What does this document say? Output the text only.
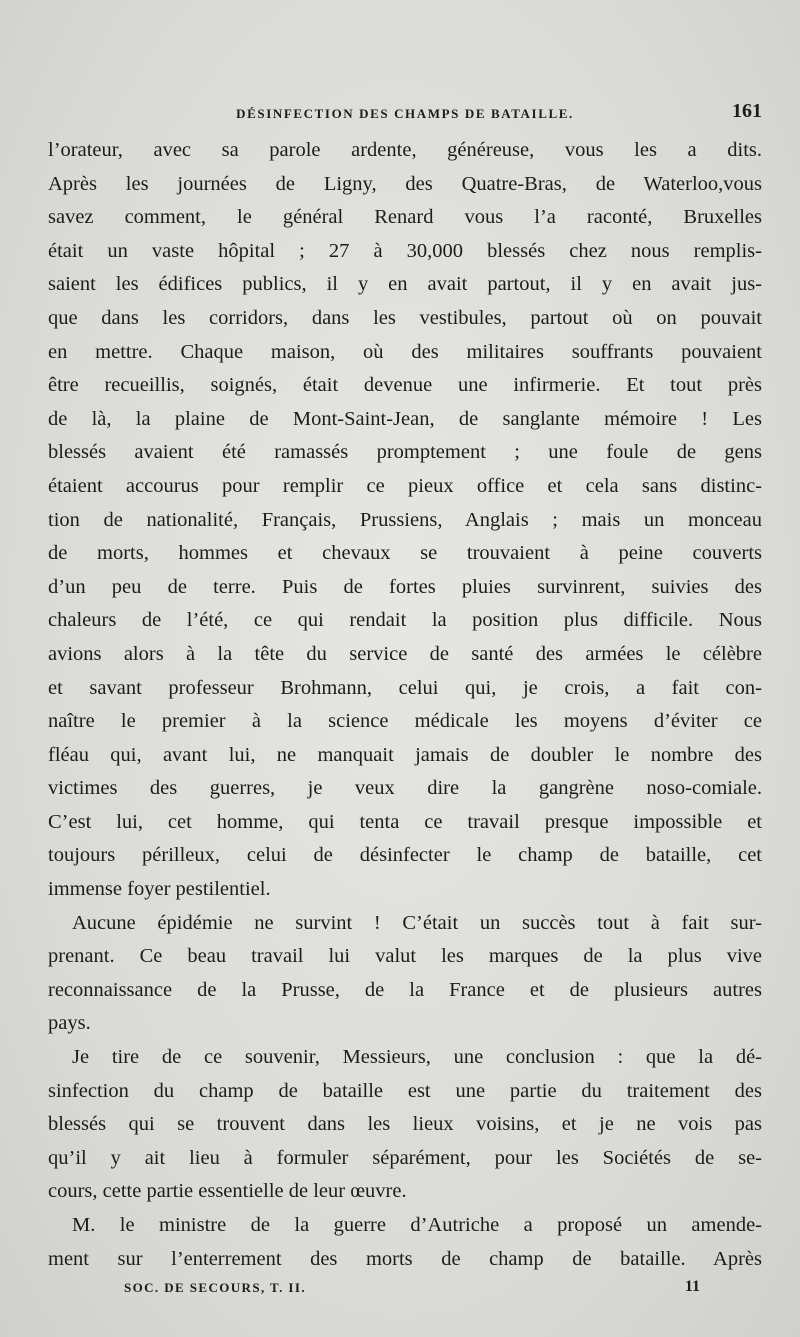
DÉSINFECTION DES CHAMPS DE BATAILLE.	161
l’orateur, avec sa parole ardente, généreuse, vous les a dits.
Après les journées de Ligny, des Quatre-Bras, de Waterloo,vous
savez comment, le général Renard vous l’a raconté, Bruxelles
était un vaste hôpital ; 27 à 30,000 blessés chez nous remplis-
saient les édifices publics, il y en avait partout, il y en avait jus-
que dans les corridors, dans les vestibules, partout où on pouvait
en mettre. Chaque maison, où des militaires souffrants pouvaient
être recueillis, soignés, était devenue une infirmerie. Et tout près
de là, la plaine de Mont-Saint-Jean, de sanglante mémoire ! Les
blessés avaient été ramassés promptement ; une foule de gens
étaient accourus pour remplir ce pieux office et cela sans distinc-
tion de nationalité, Français, Prussiens, Anglais ; mais un monceau
de morts, hommes et chevaux se trouvaient à peine couverts
d’un peu de terre. Puis de fortes pluies survinrent, suivies des
chaleurs de l’été, ce qui rendait la position plus difficile. Nous
avions alors à la tête du service de santé des armées le célèbre
et savant professeur Brohmann, celui qui, je crois, a fait con-
naître le premier à la science médicale les moyens d’éviter ce
fléau qui, avant lui, ne manquait jamais de doubler le nombre des
victimes des guerres, je veux dire la gangrène noso-comiale.
C’est lui, cet homme, qui tenta ce travail presque impossible et
toujours périlleux, celui de désinfecter le champ de bataille, cet
immense foyer pestilentiel.
Aucune épidémie ne survint ! C’était un succès tout à fait sur-
prenant. Ce beau travail lui valut les marques de la plus vive
reconnaissance de la Prusse, de la France et de plusieurs autres
pays.
Je tire de ce souvenir, Messieurs, une conclusion : que la dé-
sinfection du champ de bataille est une partie du traitement des
blessés qui se trouvent dans les lieux voisins, et je ne vois pas
qu’il y ait lieu à formuler séparément, pour les Sociétés de se-
cours, cette partie essentielle de leur œuvre.
M. le ministre de la guerre d’Autriche a proposé un amende-
ment sur l’enterrement des morts de champ de bataille. Après
SOC. DE SECOURS, T. II.	11
